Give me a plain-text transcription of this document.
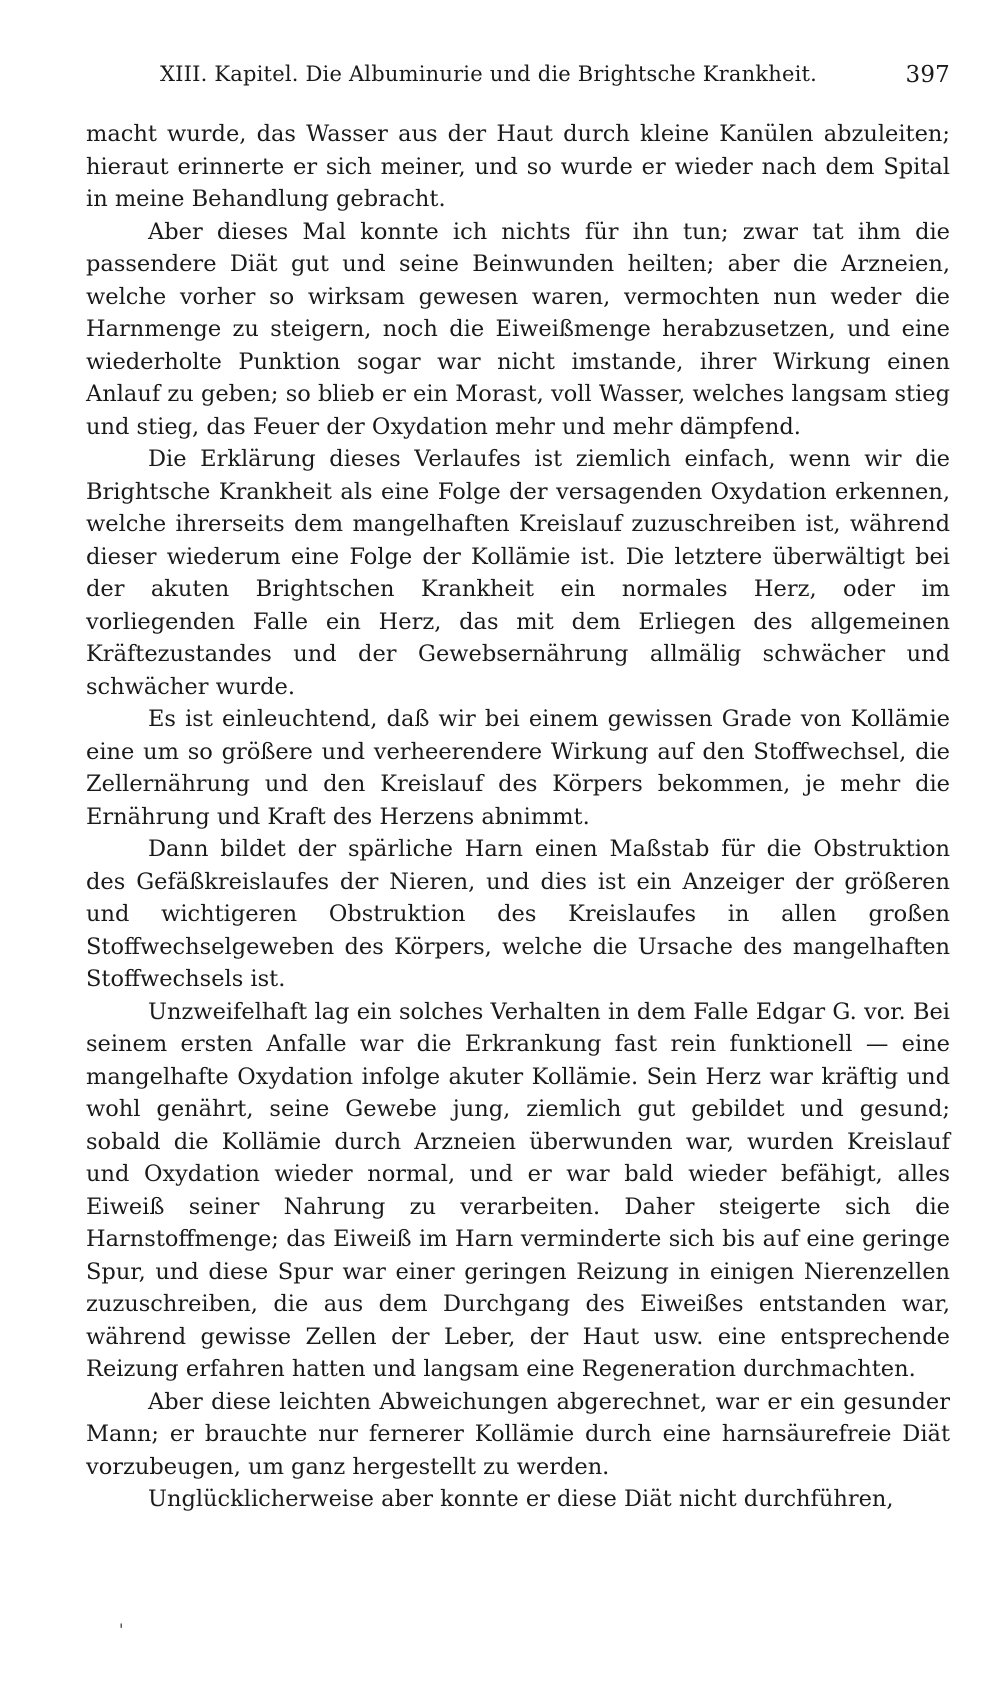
XIII. Kapitel. Die Albuminurie und die Brightsche Krankheit.	397

macht wurde, das Wasser aus der Haut durch kleine Kanülen abzuleiten; hieraut erinnerte er sich meiner, und so wurde er wieder nach dem Spital in meine Behandlung gebracht.

Aber dieses Mal konnte ich nichts für ihn tun; zwar tat ihm die passendere Diät gut und seine Beinwunden heilten; aber die Arzneien, welche vorher so wirksam gewesen waren, vermochten nun weder die Harnmenge zu steigern, noch die Eiweißmenge herabzusetzen, und eine wiederholte Punktion sogar war nicht imstande, ihrer Wirkung einen Anlauf zu geben; so blieb er ein Morast, voll Wasser, welches langsam stieg und stieg, das Feuer der Oxydation mehr und mehr dämpfend.

Die Erklärung dieses Verlaufes ist ziemlich einfach, wenn wir die Brightsche Krankheit als eine Folge der versagenden Oxydation erkennen, welche ihrerseits dem mangelhaften Kreislauf zuzuschreiben ist, während dieser wiederum eine Folge der Kollämie ist. Die letztere überwältigt bei der akuten Brightschen Krankheit ein normales Herz, oder im vorliegenden Falle ein Herz, das mit dem Erliegen des allgemeinen Kräftezustandes und der Gewebsernährung allmälig schwächer und schwächer wurde.

Es ist einleuchtend, daß wir bei einem gewissen Grade von Kollämie eine um so größere und verheerendere Wirkung auf den Stoffwechsel, die Zellernährung und den Kreislauf des Körpers bekommen, je mehr die Ernährung und Kraft des Herzens abnimmt.

Dann bildet der spärliche Harn einen Maßstab für die Obstruktion des Gefäßkreislaufes der Nieren, und dies ist ein Anzeiger der größeren und wichtigeren Obstruktion des Kreislaufes in allen großen Stoffwechselgeweben des Körpers, welche die Ursache des mangelhaften Stoffwechsels ist.

Unzweifelhaft lag ein solches Verhalten in dem Falle Edgar G. vor. Bei seinem ersten Anfalle war die Erkrankung fast rein funktionell — eine mangelhafte Oxydation infolge akuter Kollämie. Sein Herz war kräftig und wohl genährt, seine Gewebe jung, ziemlich gut gebildet und gesund; sobald die Kollämie durch Arzneien überwunden war, wurden Kreislauf und Oxydation wieder normal, und er war bald wieder befähigt, alles Eiweiß seiner Nahrung zu verarbeiten. Daher steigerte sich die Harnstoffmenge; das Eiweiß im Harn verminderte sich bis auf eine geringe Spur, und diese Spur war einer geringen Reizung in einigen Nierenzellen zuzuschreiben, die aus dem Durchgang des Eiweißes entstanden war, während gewisse Zellen der Leber, der Haut usw. eine entsprechende Reizung erfahren hatten und langsam eine Regeneration durchmachten.

Aber diese leichten Abweichungen abgerechnet, war er ein gesunder Mann; er brauchte nur fernerer Kollämie durch eine harnsäurefreie Diät vorzubeugen, um ganz hergestellt zu werden.

Unglücklicherweise aber konnte er diese Diät nicht durchführen,

'
